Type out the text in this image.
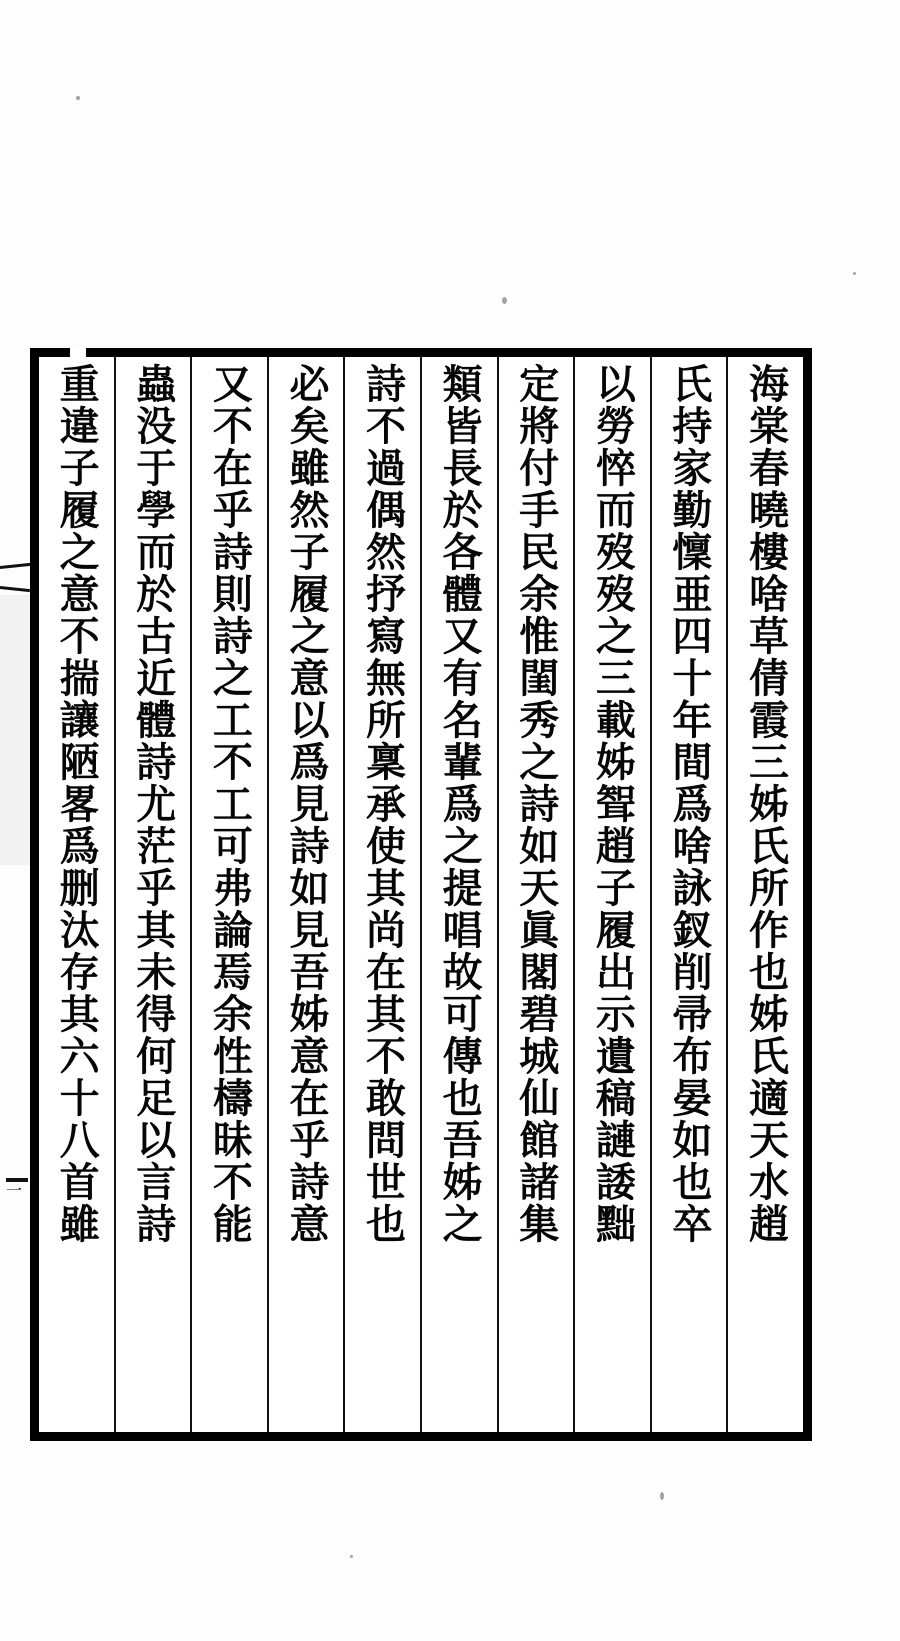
一	海棠春曉樓啥草倩霞三姊氏所作也姊氏適天水趙
氏持家勤懍亜四十年間爲啥詠釵削帚布晏如也卒
以勞悴而歿歿之三載姊聟趙子履出示遺稿謰諉黜
定將付手民余惟閨秀之詩如天眞閣碧城仙館諸集
類皆長於各體又有名輩爲之提唱故可傳也吾姊之
詩不過偶然抒寫無所稟承使其尚在其不敢問世也
必矣雖然子履之意以爲見詩如見吾姊意在乎詩意
又不在乎詩則詩之工不工可弗論焉余性檮昧不能
蟲没于學而於古近體詩尤茫乎其未得何足以言詩
重違子履之意不揣讓陋畧爲删汰存其六十八首雖
